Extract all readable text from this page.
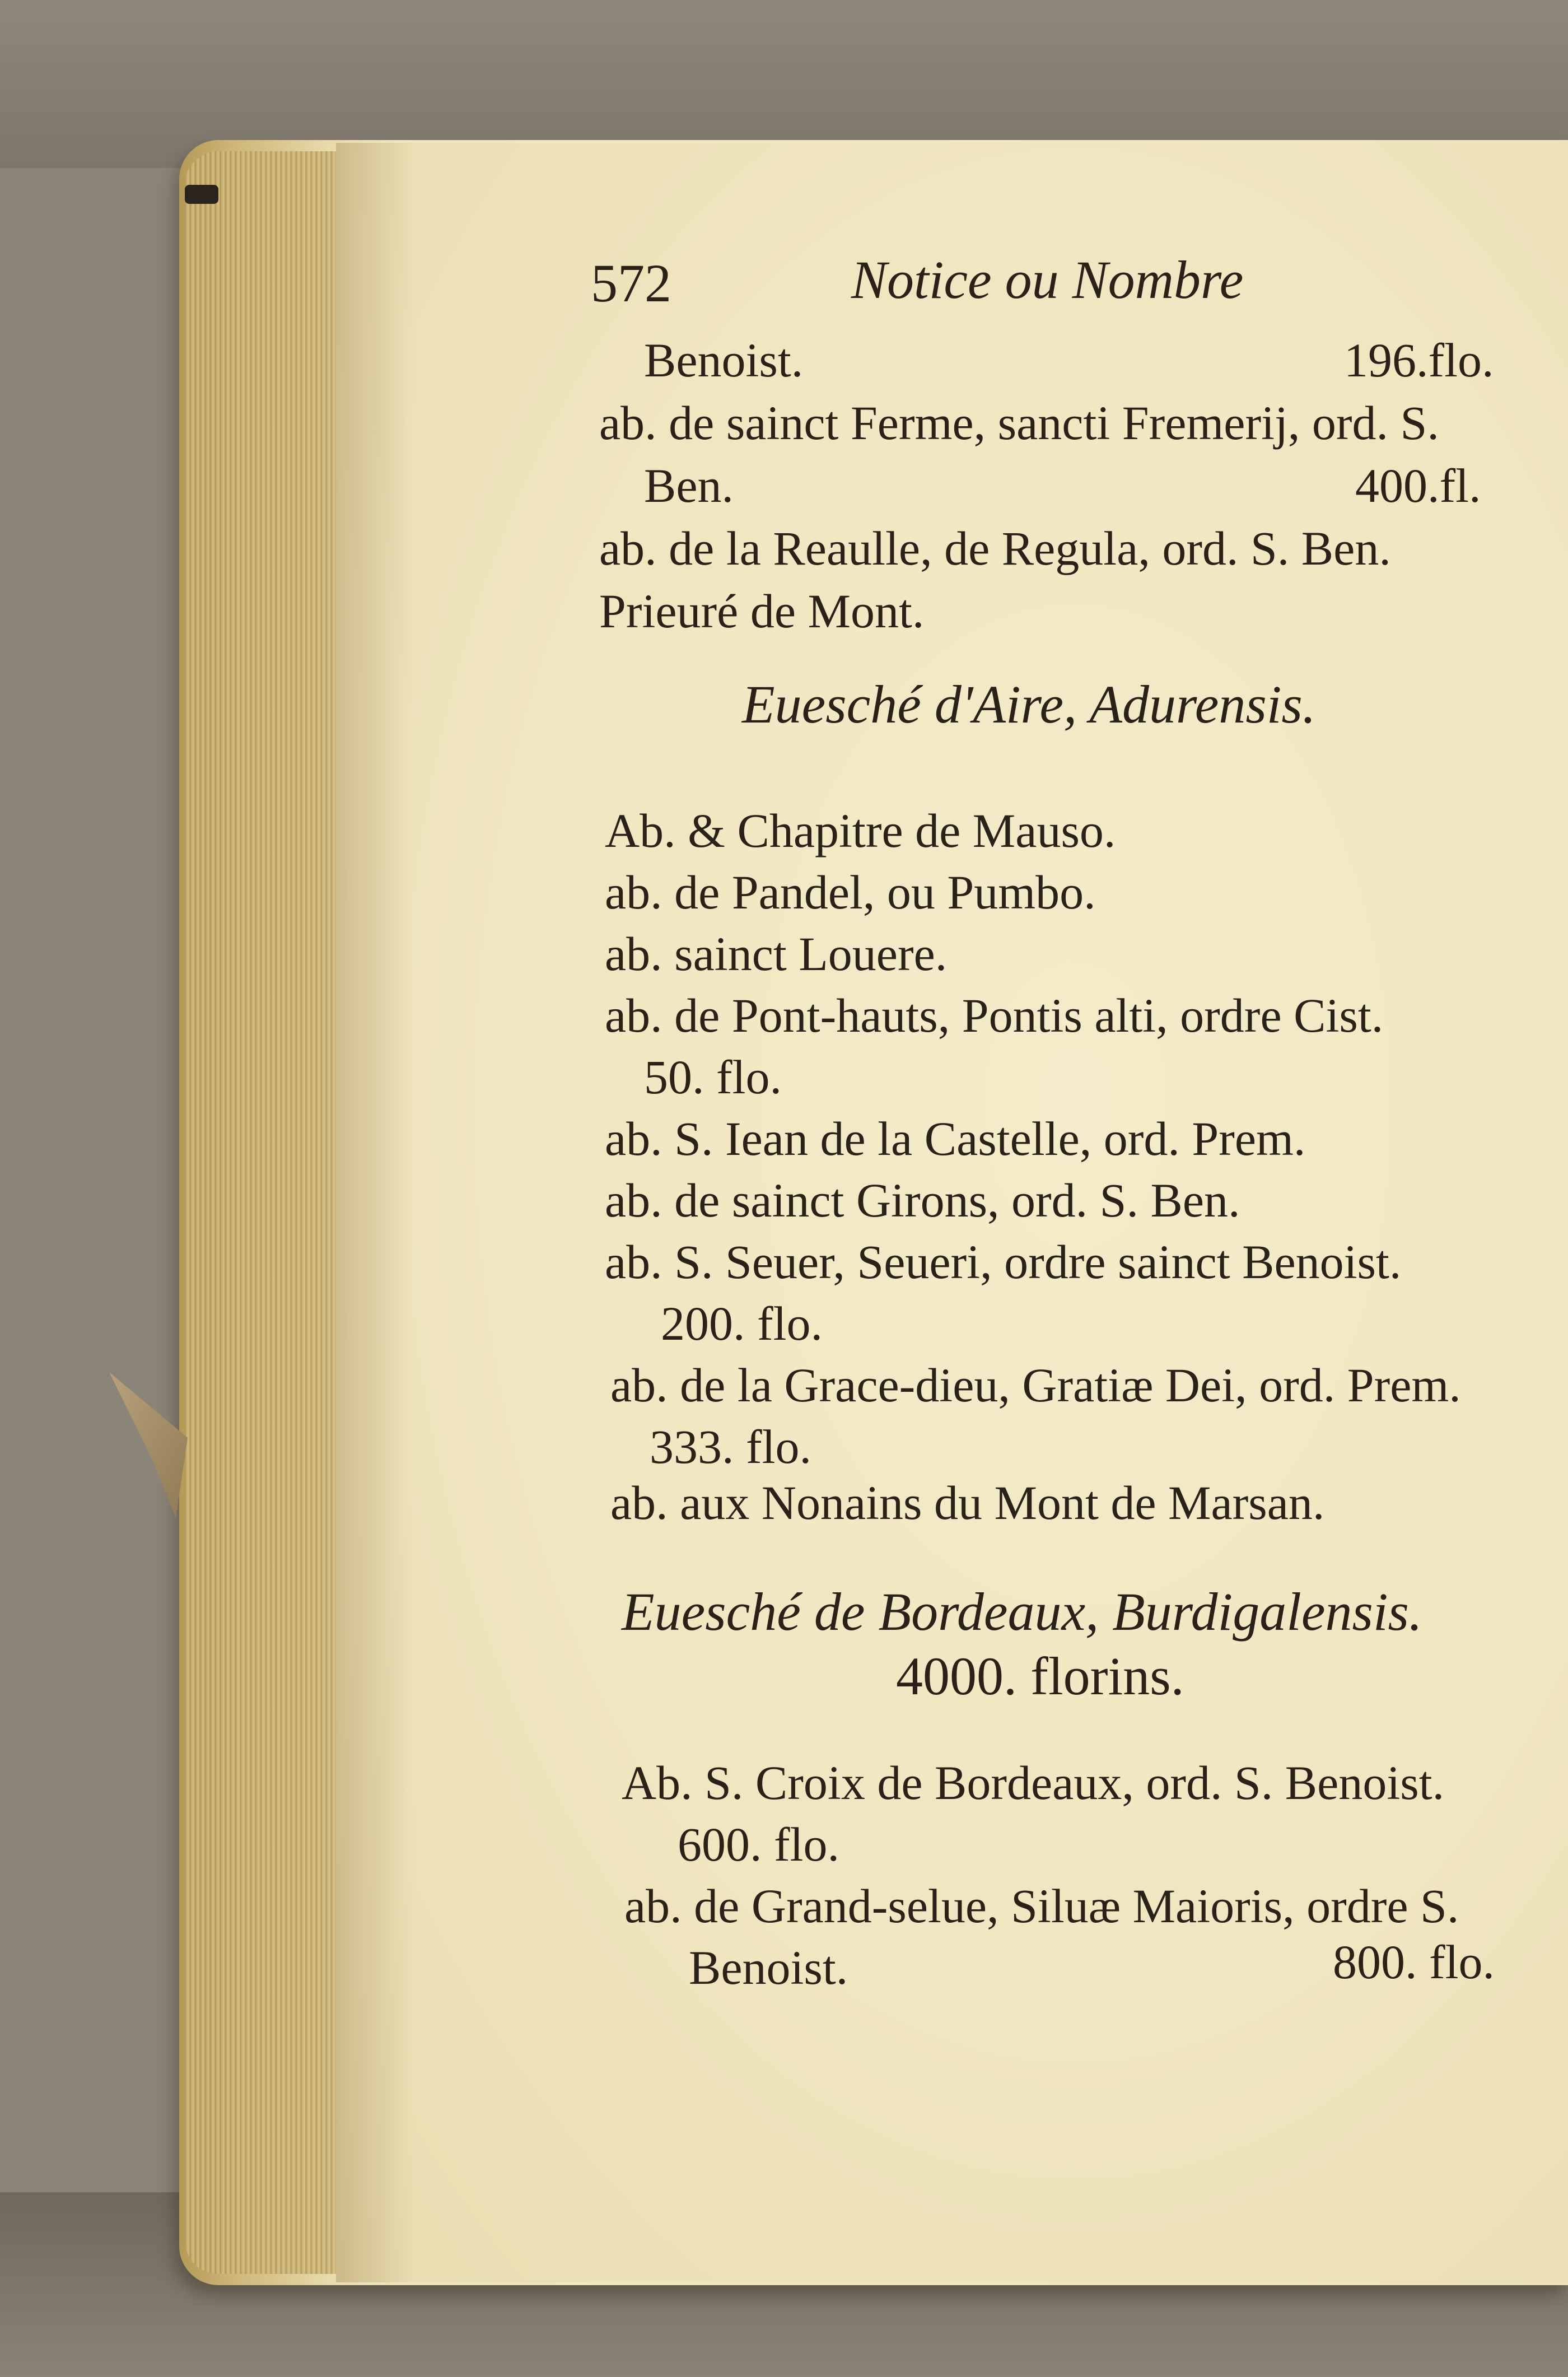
572	Notice ou Nombre
Benoist.	196.flo.
ab. de sainct Ferme, sancti Fremerij, ord. S.
Ben.	400.fl.
ab. de la Reaulle, de Regula, ord. S. Ben.
Prieuré de Mont.
Euesché d'Aire, Adurensis.
Ab. & Chapitre de Mauso.
ab. de Pandel, ou Pumbo.
ab. sainct Louere.
ab. de Pont-hauts, Pontis alti, ordre Cist.
50. flo.
ab. S. Iean de la Castelle, ord. Prem.
ab. de sainct Girons, ord. S. Ben.
ab. S. Seuer, Seueri, ordre sainct Benoist.
200. flo.
ab. de la Grace-dieu, Gratiæ Dei, ord. Prem.
333. flo.
ab. aux Nonains du Mont de Marsan.
Euesché de Bordeaux, Burdigalensis.
4000. florins.
Ab. S. Croix de Bordeaux, ord. S. Benoist.
600. flo.
ab. de Grand-selue, Siluæ Maioris, ordre S.
Benoist.	800. flo.
